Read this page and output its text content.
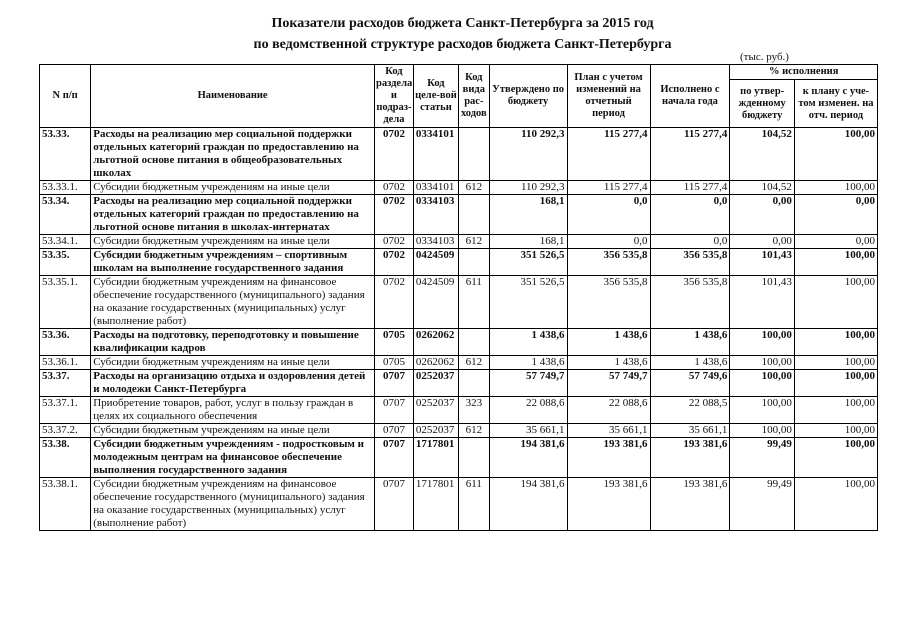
Показатели расходов бюджета Санкт-Петербурга за 2015 год
по ведомственной структуре расходов бюджета Санкт-Петербурга
(тыс. руб.)
N п/п	Наименование	Код раздела и подраз-дела	Код целе-вой статьи	Код вида рас-ходов	Утверждено по бюджету	План с учетом изменений на отчетный период	Исполнено с начала года	% исполнения	
								по утвер-жденному бюджету	к плану с уче-том изменен. на отч. период
53.33.	Расходы на реализацию мер социальной поддержки отдельных категорий граждан по предоставлению на льготной основе питания в общеобразовательных школах	0702	0334101		110 292,3	115 277,4	115 277,4	104,52	100,00
53.33.1.	Субсидии бюджетным учреждениям на иные цели	0702	0334101	612	110 292,3	115 277,4	115 277,4	104,52	100,00
53.34.	Расходы на реализацию мер социальной поддержки отдельных категорий граждан по предоставлению на льготной основе питания в школах-интернатах	0702	0334103		168,1	0,0	0,0	0,00	0,00
53.34.1.	Субсидии бюджетным учреждениям на иные цели	0702	0334103	612	168,1	0,0	0,0	0,00	0,00
53.35.	Субсидии бюджетным учреждениям – спортивным школам на выполнение государственного задания	0702	0424509		351 526,5	356 535,8	356 535,8	101,43	100,00
53.35.1.	Субсидии бюджетным учреждениям на финансовое обеспечение государственного (муниципального) задания на оказание государственных (муниципальных) услуг (выполнение работ)	0702	0424509	611	351 526,5	356 535,8	356 535,8	101,43	100,00
53.36.	Расходы на подготовку, переподготовку и повышение квалификации кадров	0705	0262062		1 438,6	1 438,6	1 438,6	100,00	100,00
53.36.1.	Субсидии бюджетным учреждениям на иные цели	0705	0262062	612	1 438,6	1 438,6	1 438,6	100,00	100,00
53.37.	Расходы на организацию отдыха и оздоровления детей и молодежи Санкт-Петербурга	0707	0252037		57 749,7	57 749,7	57 749,6	100,00	100,00
53.37.1.	Приобретение товаров, работ, услуг в пользу граждан в целях их социального обеспечения	0707	0252037	323	22 088,6	22 088,6	22 088,5	100,00	100,00
53.37.2.	Субсидии бюджетным учреждениям на иные цели	0707	0252037	612	35 661,1	35 661,1	35 661,1	100,00	100,00
53.38.	Субсидии бюджетным учреждениям - подростковым и молодежным центрам на финансовое обеспечение выполнения государственного задания	0707	1717801		194 381,6	193 381,6	193 381,6	99,49	100,00
53.38.1.	Субсидии бюджетным учреждениям на финансовое обеспечение государственного (муниципального) задания на оказание государственных (муниципальных) услуг (выполнение работ)	0707	1717801	611	194 381,6	193 381,6	193 381,6	99,49	100,00
